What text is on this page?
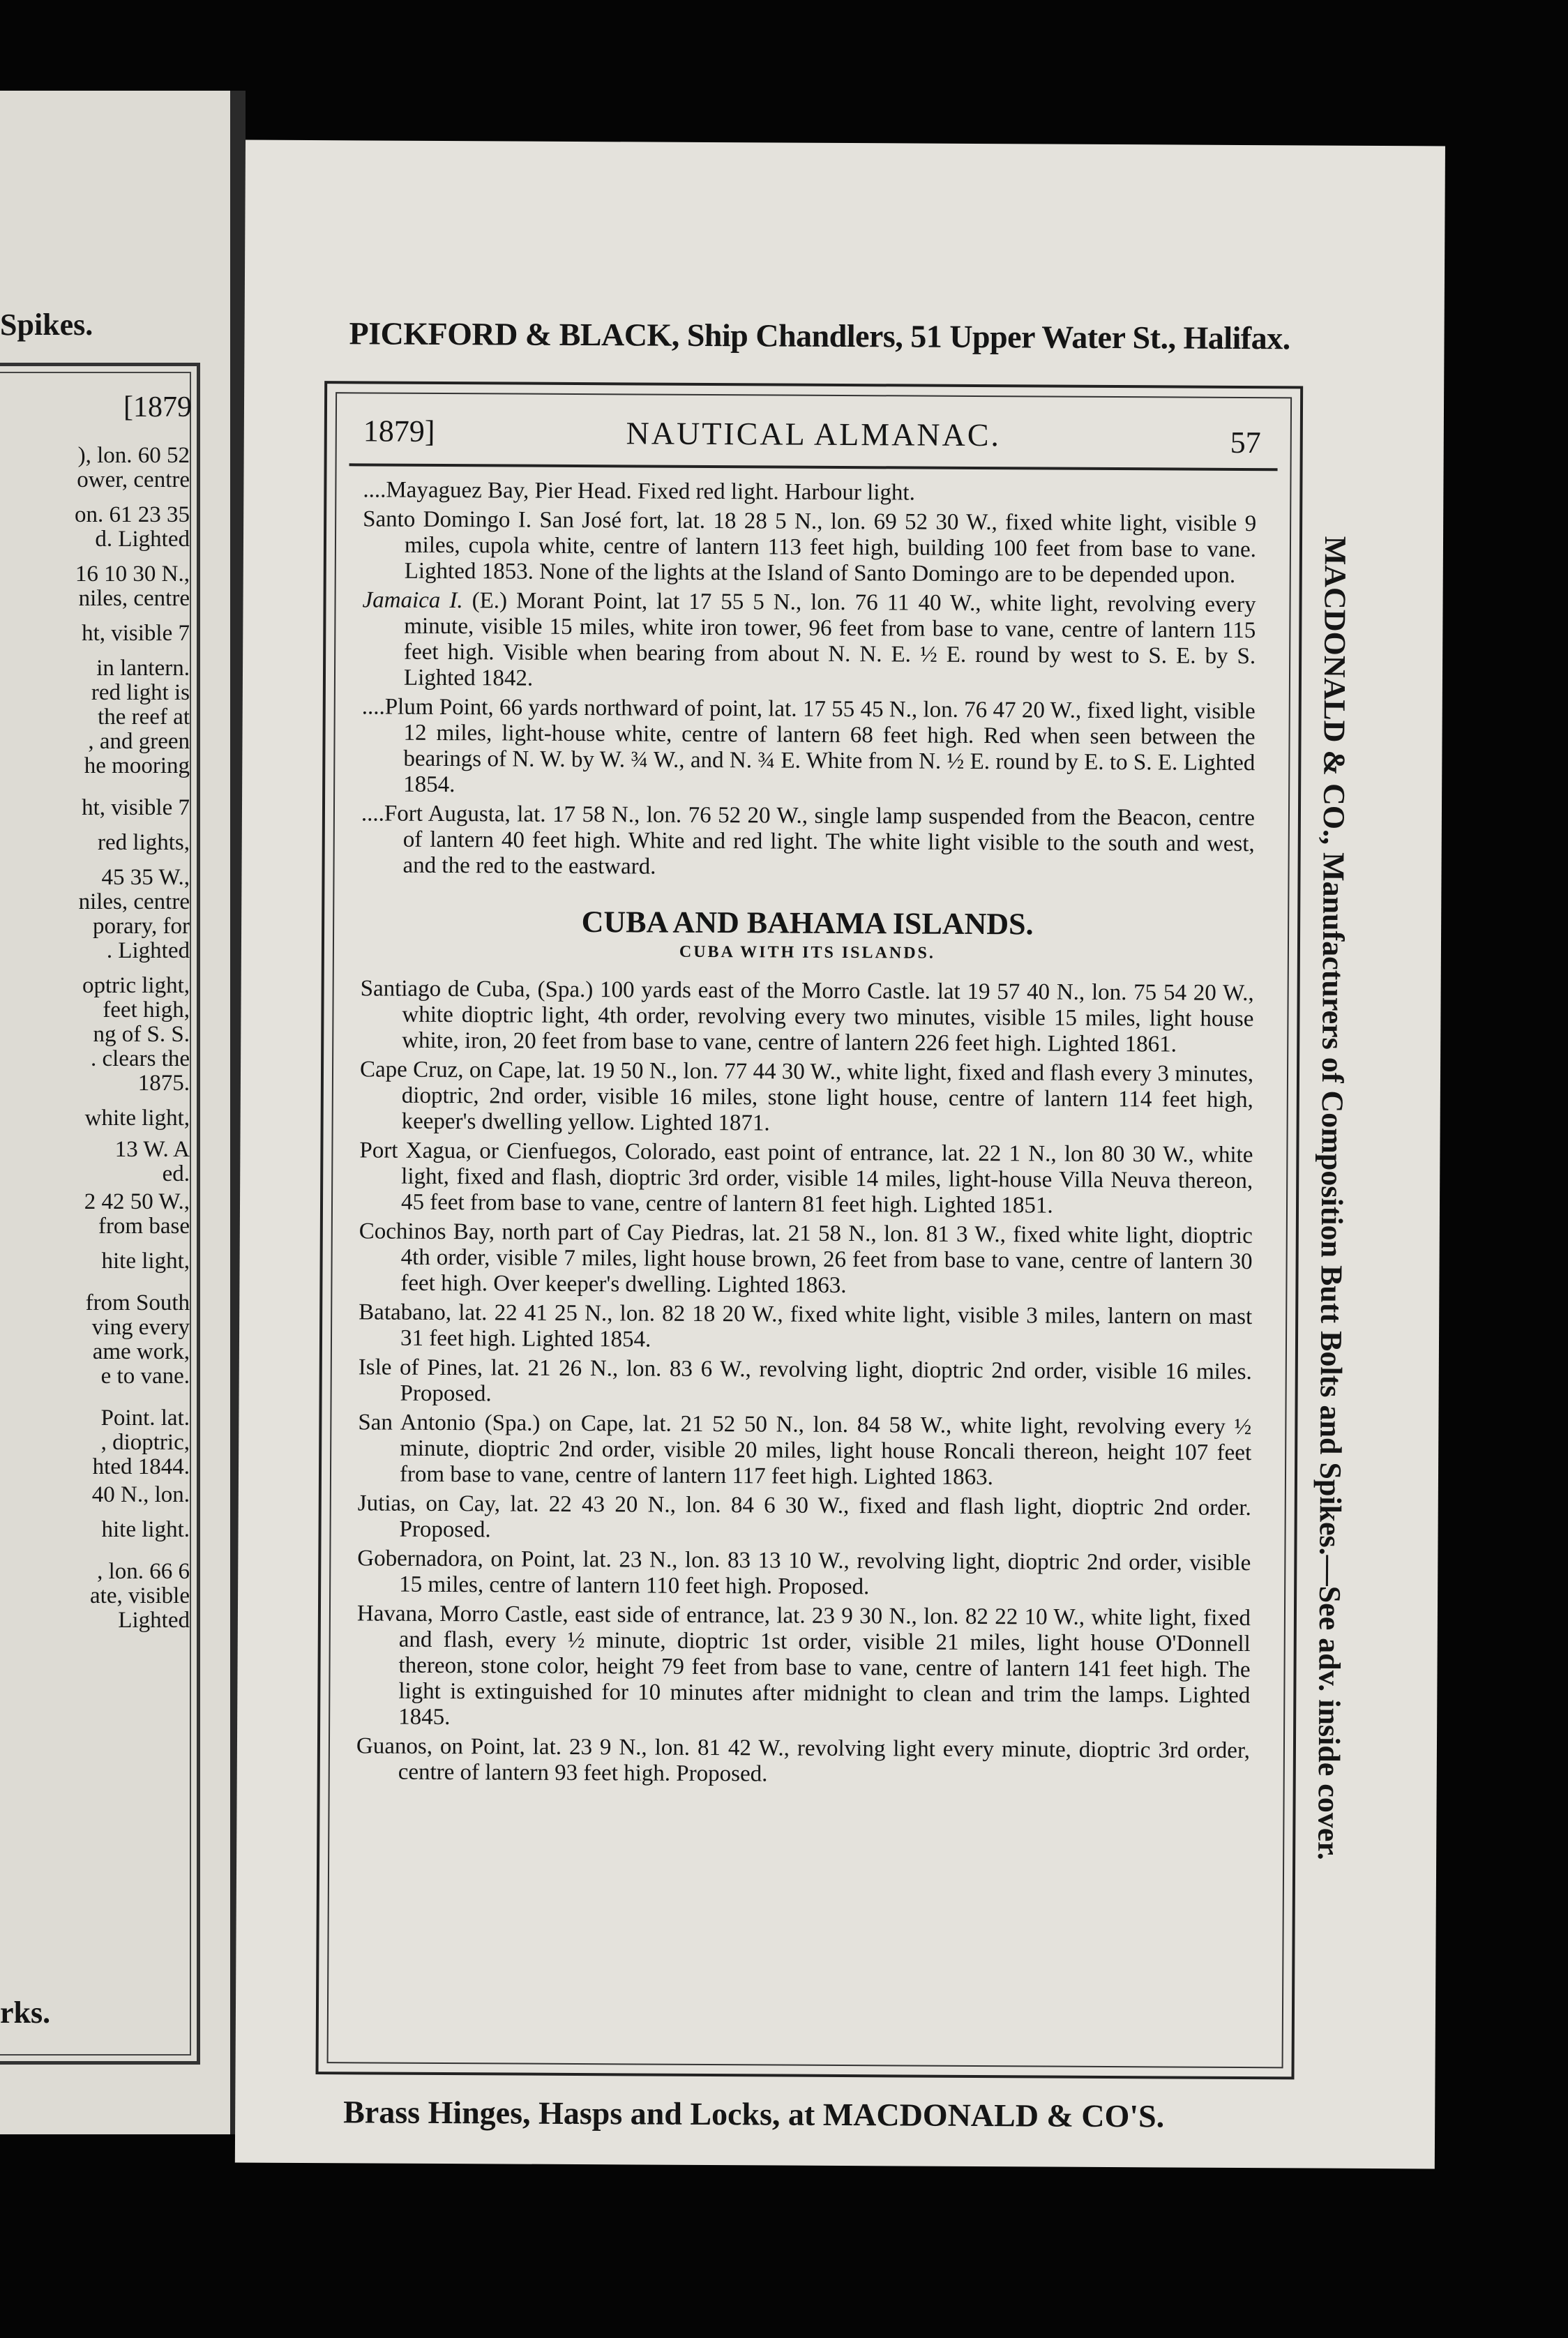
Spikes.
[1879
), lon. 60 52
ower, centre
on. 61 23 35
d. Lighted
16 10 30 N.,
niles, centre
ht, visible 7
in lantern.
red light is
the reef at
, and green
he mooring
ht, visible 7
red lights,
45 35 W.,
niles, centre
porary, for
. Lighted
optric light,
feet high,
ng of S. S.
. clears the
1875.
white light,
13 W. A
ed.
2 42 50 W.,
from base
hite light,
from South
ving every
ame work,
e to vane.
Point. lat.
, dioptric,
hted 1844.
40 N., lon.
hite light.
, lon. 66 6
ate, visible
Lighted
rks.
PICKFORD & BLACK, Ship Chandlers, 51 Upper Water St., Halifax.
1879]	NAUTICAL ALMANAC.	57

....Mayaguez Bay, Pier Head. Fixed red light. Harbour light.

Santo Domingo I. San José fort, lat. 18 28 5 N., lon. 69 52 30 W., fixed white light, visible 9 miles, cupola white, centre of lantern 113 feet high, building 100 feet from base to vane. Lighted 1853. None of the lights at the Island of Santo Domingo are to be depended upon.

Jamaica I. (E.) Morant Point, lat 17 55 5 N., lon. 76 11 40 W., white light, revolving every minute, visible 15 miles, white iron tower, 96 feet from base to vane, centre of lantern 115 feet high. Visible when bearing from about N. N. E. ½ E. round by west to S. E. by S. Lighted 1842.

....Plum Point, 66 yards northward of point, lat. 17 55 45 N., lon. 76 47 20 W., fixed light, visible 12 miles, light-house white, centre of lantern 68 feet high. Red when seen between the bearings of N. W. by W. ¾ W., and N. ¾ E. White from N. ½ E. round by E. to S. E. Lighted 1854.

....Fort Augusta, lat. 17 58 N., lon. 76 52 20 W., single lamp suspended from the Beacon, centre of lantern 40 feet high. White and red light. The white light visible to the south and west, and the red to the eastward.

CUBA AND BAHAMA ISLANDS.
CUBA WITH ITS ISLANDS.

Santiago de Cuba, (Spa.) 100 yards east of the Morro Castle. lat 19 57 40 N., lon. 75 54 20 W., white dioptric light, 4th order, revolving every two minutes, visible 15 miles, light house white, iron, 20 feet from base to vane, centre of lantern 226 feet high. Lighted 1861.

Cape Cruz, on Cape, lat. 19 50 N., lon. 77 44 30 W., white light, fixed and flash every 3 minutes, dioptric, 2nd order, visible 16 miles, stone light house, centre of lantern 114 feet high, keeper's dwelling yellow. Lighted 1871.

Port Xagua, or Cienfuegos, Colorado, east point of entrance, lat. 22 1 N., lon 80 30 W., white light, fixed and flash, dioptric 3rd order, visible 14 miles, light-house Villa Neuva thereon, 45 feet from base to vane, centre of lantern 81 feet high. Lighted 1851.

Cochinos Bay, north part of Cay Piedras, lat. 21 58 N., lon. 81 3 W., fixed white light, dioptric 4th order, visible 7 miles, light house brown, 26 feet from base to vane, centre of lantern 30 feet high. Over keeper's dwelling. Lighted 1863.

Batabano, lat. 22 41 25 N., lon. 82 18 20 W., fixed white light, visible 3 miles, lantern on mast 31 feet high. Lighted 1854.

Isle of Pines, lat. 21 26 N., lon. 83 6 W., revolving light, dioptric 2nd order, visible 16 miles. Proposed.

San Antonio (Spa.) on Cape, lat. 21 52 50 N., lon. 84 58 W., white light, revolving every ½ minute, dioptric 2nd order, visible 20 miles, light house Roncali thereon, height 107 feet from base to vane, centre of lantern 117 feet high. Lighted 1863.

Jutias, on Cay, lat. 22 43 20 N., lon. 84 6 30 W., fixed and flash light, dioptric 2nd order. Proposed.

Gobernadora, on Point, lat. 23 N., lon. 83 13 10 W., revolving light, dioptric 2nd order, visible 15 miles, centre of lantern 110 feet high. Proposed.

Havana, Morro Castle, east side of entrance, lat. 23 9 30 N., lon. 82 22 10 W., white light, fixed and flash, every ½ minute, dioptric 1st order, visible 21 miles, light house O'Donnell thereon, stone color, height 79 feet from base to vane, centre of lantern 141 feet high. The light is extinguished for 10 minutes after midnight to clean and trim the lamps. Lighted 1845.

Guanos, on Point, lat. 23 9 N., lon. 81 42 W., revolving light every minute, dioptric 3rd order, centre of lantern 93 feet high. Proposed.	MACDONALD & CO., Manufacturers of Composition Butt Bolts and Spikes.—See adv. inside cover.
Brass Hinges, Hasps and Locks, at MACDONALD & CO'S.
